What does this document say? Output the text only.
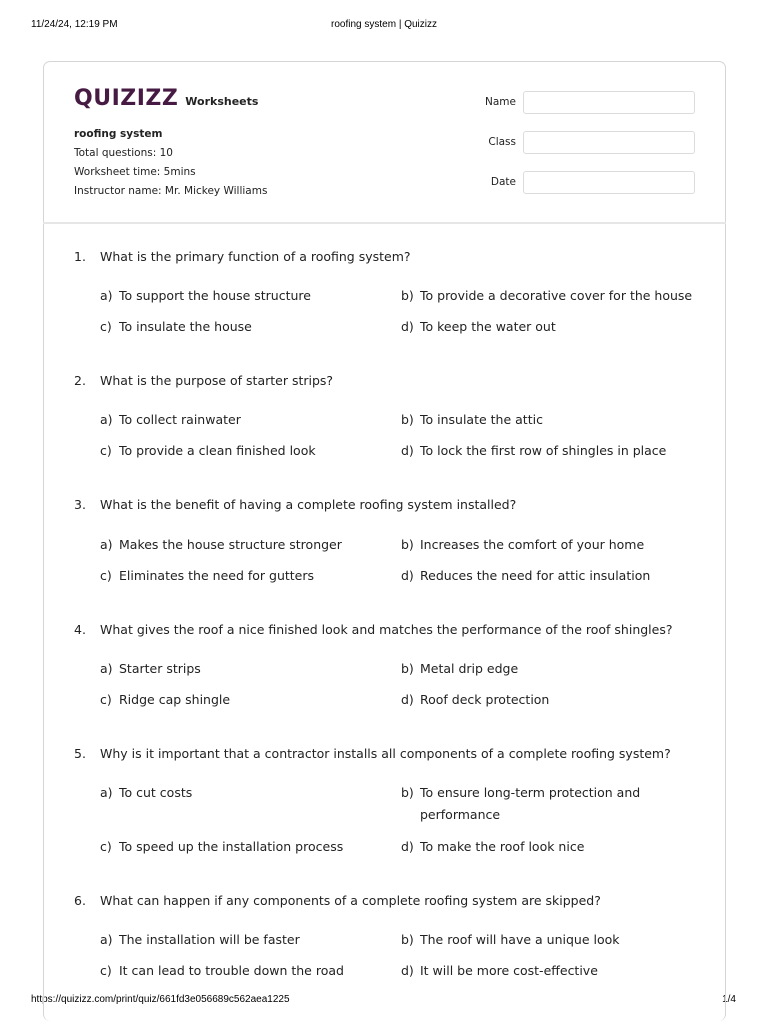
11/24/24, 12:19 PM	roofing system | Quizizz
https://quizizz.com/print/quiz/661fd3e056689c562aea1225	1/4
QUIZIZZ Worksheets
roofing system
Total questions: 10
Worksheet time: 5mins
Instructor name: Mr. Mickey Williams
Name
Class
Date
1. What is the primary function of a roofing system?
a) To support the house structure	b) To provide a decorative cover for the house
c) To insulate the house	d) To keep the water out
2. What is the purpose of starter strips?
a) To collect rainwater	b) To insulate the attic
c) To provide a clean finished look	d) To lock the first row of shingles in place
3. What is the benefit of having a complete roofing system installed?
a) Makes the house structure stronger	b) Increases the comfort of your home
c) Eliminates the need for gutters	d) Reduces the need for attic insulation
4. What gives the roof a nice finished look and matches the performance of the roof shingles?
a) Starter strips	b) Metal drip edge
c) Ridge cap shingle	d) Roof deck protection
5. Why is it important that a contractor installs all components of a complete roofing system?
a) To cut costs	b) To ensure long-term protection and
performance
c) To speed up the installation process	d) To make the roof look nice
6. What can happen if any components of a complete roofing system are skipped?
a) The installation will be faster	b) The roof will have a unique look
c) It can lead to trouble down the road	d) It will be more cost-effective
